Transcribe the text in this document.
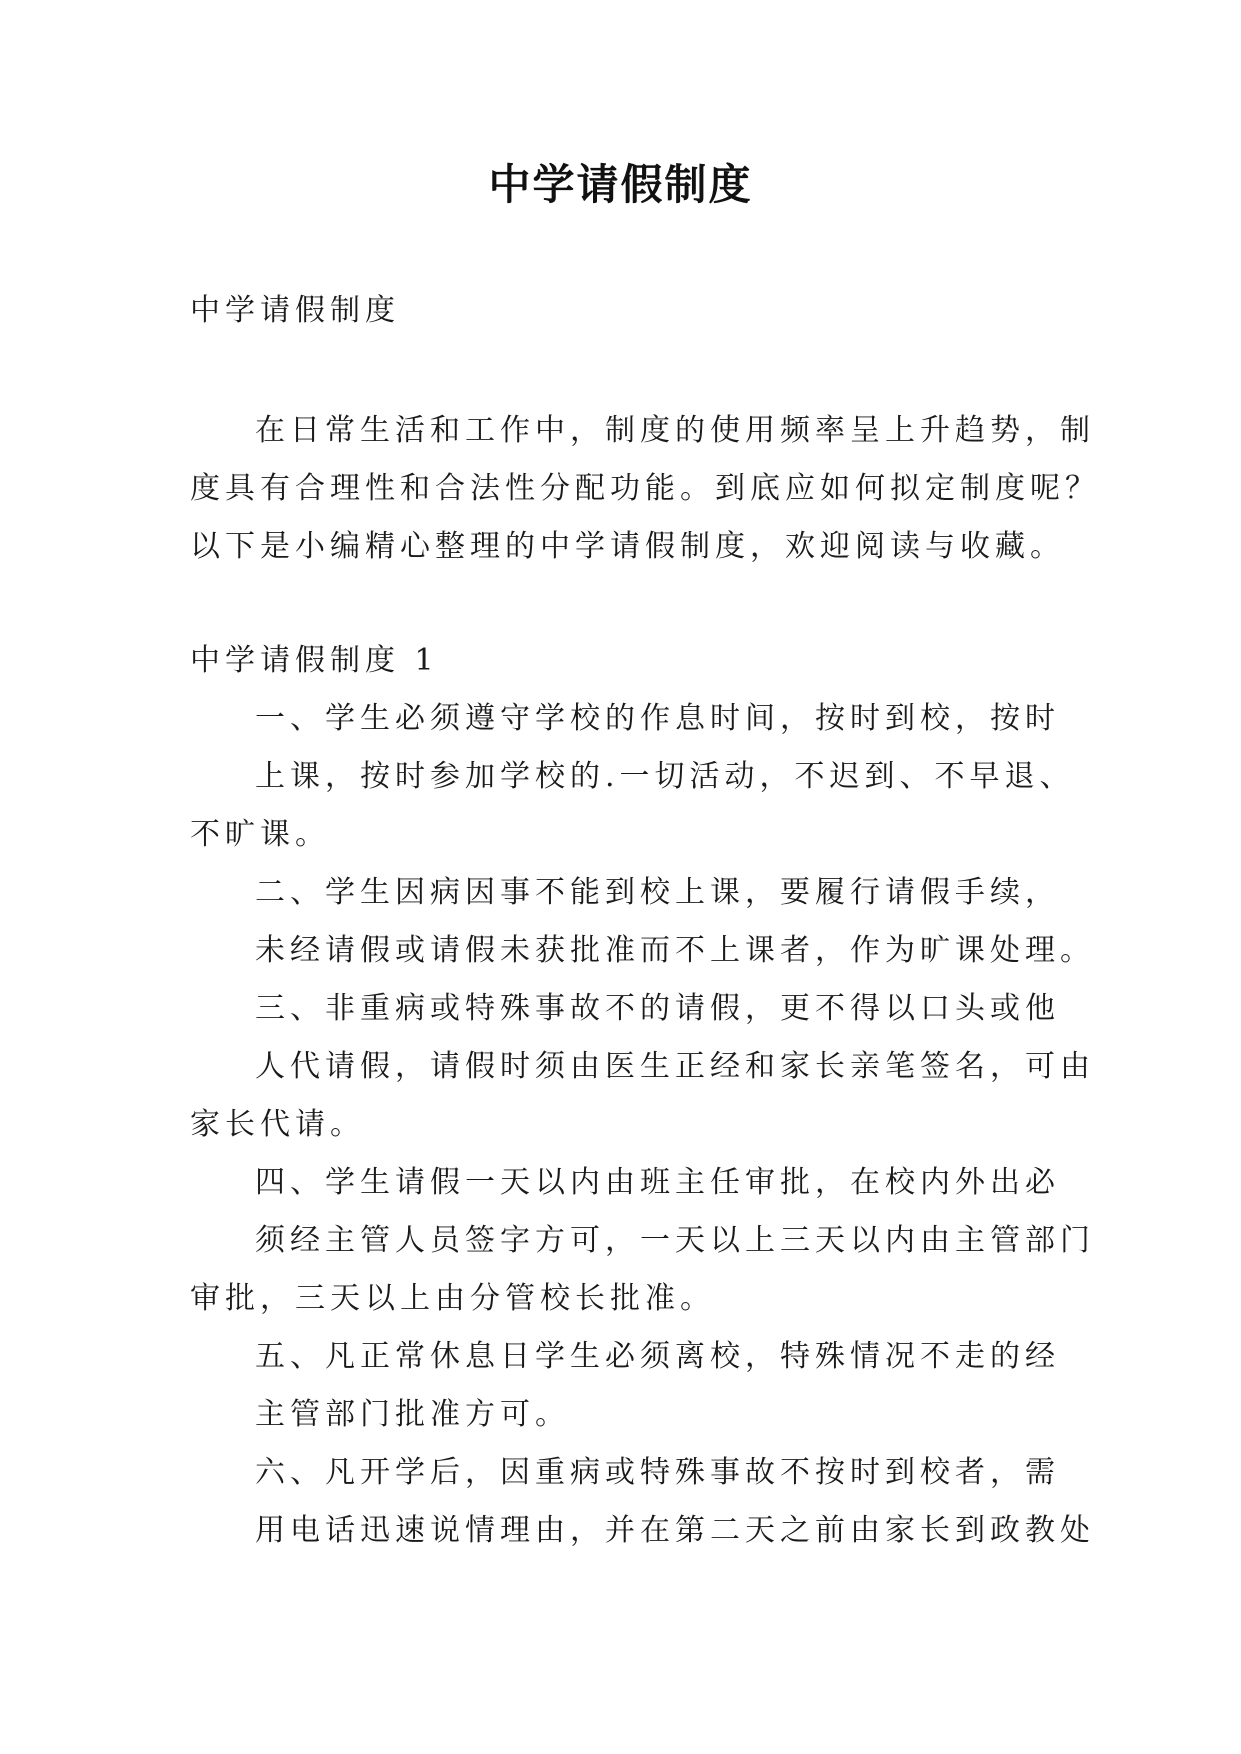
中学请假制度
中学请假制度
在日常生活和工作中，制度的使用频率呈上升趋势，制
度具有合理性和合法性分配功能。到底应如何拟定制度呢？
以下是小编精心整理的中学请假制度，欢迎阅读与收藏。
中学请假制度 1
一、学生必须遵守学校的作息时间，按时到校，按时
上课，按时参加学校的.一切活动，不迟到、不早退、
不旷课。
二、学生因病因事不能到校上课，要履行请假手续，
未经请假或请假未获批准而不上课者，作为旷课处理。
三、非重病或特殊事故不的请假，更不得以口头或他
人代请假，请假时须由医生正经和家长亲笔签名，可由
家长代请。
四、学生请假一天以内由班主任审批，在校内外出必
须经主管人员签字方可，一天以上三天以内由主管部门
审批，三天以上由分管校长批准。
五、凡正常休息日学生必须离校，特殊情况不走的经
主管部门批准方可。
六、凡开学后，因重病或特殊事故不按时到校者，需
用电话迅速说情理由，并在第二天之前由家长到政教处
